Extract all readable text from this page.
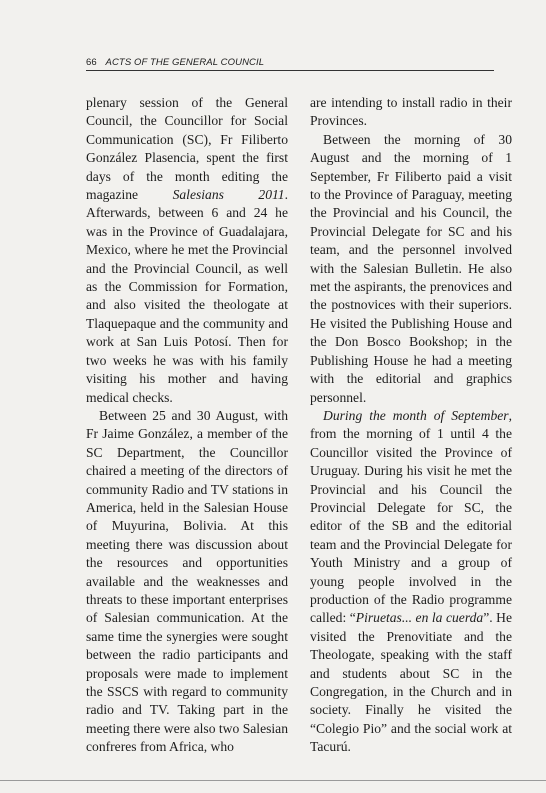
66 ACTS OF THE GENERAL COUNCIL

plenary session of the General Council, the Councillor for Social Communication (SC), Fr Filiberto González Plasencia, spent the first days of the month editing the magazine Salesians 2011. Afterwards, between 6 and 24 he was in the Province of Guadalajara, Mexico, where he met the Provincial and the Provincial Council, as well as the Commission for Formation, and also visited the theologate at Tlaquepaque and the community and work at San Luis Potosí. Then for two weeks he was with his family visiting his mother and having medical checks.

Between 25 and 30 August, with Fr Jaime González, a member of the SC Department, the Councillor chaired a meeting of the directors of community Radio and TV stations in America, held in the Salesian House of Muyurina, Bolivia. At this meeting there was discussion about the resources and opportunities available and the weaknesses and threats to these important enterprises of Salesian communication. At the same time the synergies were sought between the radio participants and proposals were made to implement the SSCS with regard to community radio and TV. Taking part in the meeting there were also two Salesian confreres from Africa, who

are intending to install radio in their Provinces.

Between the morning of 30 August and the morning of 1 September, Fr Filiberto paid a visit to the Province of Paraguay, meeting the Provincial and his Council, the Provincial Delegate for SC and his team, and the personnel involved with the Salesian Bulletin. He also met the aspirants, the prenovices and the postnovices with their superiors. He visited the Publishing House and the Don Bosco Bookshop; in the Publishing House he had a meeting with the editorial and graphics personnel.

During the month of September, from the morning of 1 until 4 the Councillor visited the Province of Uruguay. During his visit he met the Provincial and his Council the Provincial Delegate for SC, the editor of the SB and the editorial team and the Provincial Delegate for Youth Ministry and a group of young people involved in the production of the Radio programme called: “Piruetas... en la cuerda”. He visited the Prenovitiate and the Theologate, speaking with the staff and students about SC in the Congregation, in the Church and in society. Finally he visited the “Colegio Pio” and the social work at Tacurú.
